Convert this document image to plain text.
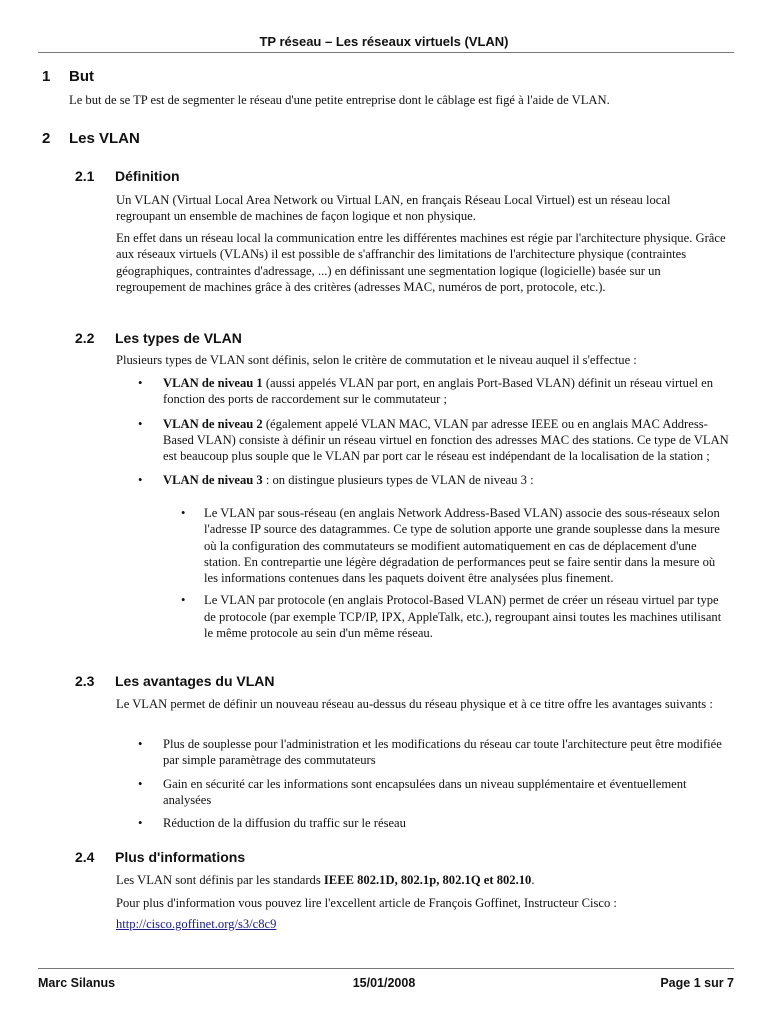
TP réseau – Les réseaux virtuels (VLAN)
1 But
Le but de se TP est de segmenter le réseau d'une petite entreprise dont le câblage est figé à l'aide de VLAN.
2 Les VLAN
2.1 Définition
Un VLAN (Virtual Local Area Network ou Virtual LAN, en français Réseau Local Virtuel) est un réseau local regroupant un ensemble de machines de façon logique et non physique.
En effet dans un réseau local la communication entre les différentes machines est régie par l'architecture physique. Grâce aux réseaux virtuels (VLANs) il est possible de s'affranchir des limitations de l'architecture physique (contraintes géographiques, contraintes d'adressage, ...) en définissant une segmentation logique (logicielle) basée sur un regroupement de machines grâce à des critères (adresses MAC, numéros de port, protocole, etc.).
2.2 Les types de VLAN
Plusieurs types de VLAN sont définis, selon le critère de commutation et le niveau auquel il s'effectue :
• VLAN de niveau 1 (aussi appelés VLAN par port, en anglais Port-Based VLAN) définit un réseau virtuel en fonction des ports de raccordement sur le commutateur ;
• VLAN de niveau 2 (également appelé VLAN MAC, VLAN par adresse IEEE ou en anglais MAC Address-Based VLAN) consiste à définir un réseau virtuel en fonction des adresses MAC des stations. Ce type de VLAN est beaucoup plus souple que le VLAN par port car le réseau est indépendant de la localisation de la station ;
• VLAN de niveau 3 : on distingue plusieurs types de VLAN de niveau 3 :
• Le VLAN par sous-réseau (en anglais Network Address-Based VLAN) associe des sous-réseaux selon l'adresse IP source des datagrammes. Ce type de solution apporte une grande souplesse dans la mesure où la configuration des commutateurs se modifient automatiquement en cas de déplacement d'une station. En contrepartie une légère dégradation de performances peut se faire sentir dans la mesure où les informations contenues dans les paquets doivent être analysées plus finement.
• Le VLAN par protocole (en anglais Protocol-Based VLAN) permet de créer un réseau virtuel par type de protocole (par exemple TCP/IP, IPX, AppleTalk, etc.), regroupant ainsi toutes les machines utilisant le même protocole au sein d'un même réseau.
2.3 Les avantages du VLAN
Le VLAN permet de définir un nouveau réseau au-dessus du réseau physique et à ce titre offre les avantages suivants :
• Plus de souplesse pour l'administration et les modifications du réseau car toute l'architecture peut être modifiée par simple paramètrage des commutateurs
• Gain en sécurité car les informations sont encapsulées dans un niveau supplémentaire et éventuellement analysées
• Réduction de la diffusion du traffic sur le réseau
2.4 Plus d'informations
Les VLAN sont définis par les standards IEEE 802.1D, 802.1p, 802.1Q et 802.10.
Pour plus d'information vous pouvez lire l'excellent article de François Goffinet, Instructeur Cisco :
http://cisco.goffinet.org/s3/c8c9
Marc Silanus	15/01/2008	Page 1 sur 7
